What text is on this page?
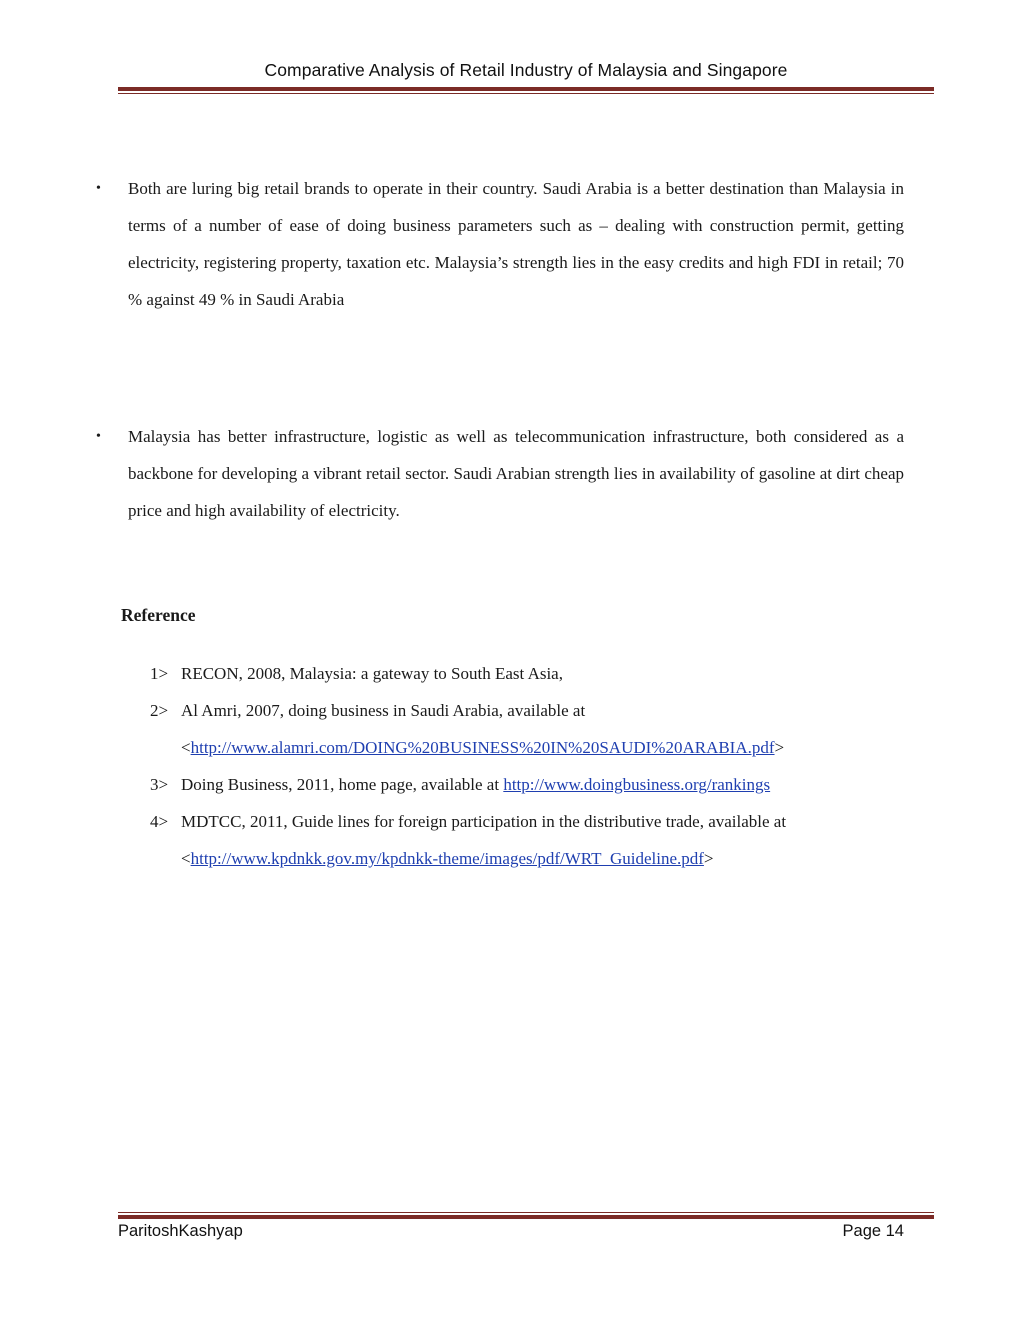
Comparative Analysis of Retail Industry of Malaysia and Singapore
•	Both are luring big retail brands to operate in their country. Saudi Arabia is a better destination than Malaysia in terms of a number of ease of doing business parameters such as – dealing with construction permit, getting electricity, registering property, taxation etc. Malaysia’s strength lies in the easy credits and high FDI in retail; 70 % against 49 % in Saudi Arabia
•	Malaysia has better infrastructure, logistic as well as telecommunication infrastructure, both considered as a backbone for developing a vibrant retail sector. Saudi Arabian strength lies in availability of gasoline at dirt cheap price and high availability of electricity.
Reference
1> RECON, 2008, Malaysia: a gateway to South East Asia,
2> Al Amri, 2007, doing business in Saudi Arabia, available at
<http://www.alamri.com/DOING%20BUSINESS%20IN%20SAUDI%20ARABIA.pdf>
3> Doing Business, 2011, home page, available at http://www.doingbusiness.org/rankings
4> MDTCC, 2011, Guide lines for foreign participation in the distributive trade, available at
<http://www.kpdnkk.gov.my/kpdnkk-theme/images/pdf/WRT_Guideline.pdf>
ParitoshKashyap	Page 14
